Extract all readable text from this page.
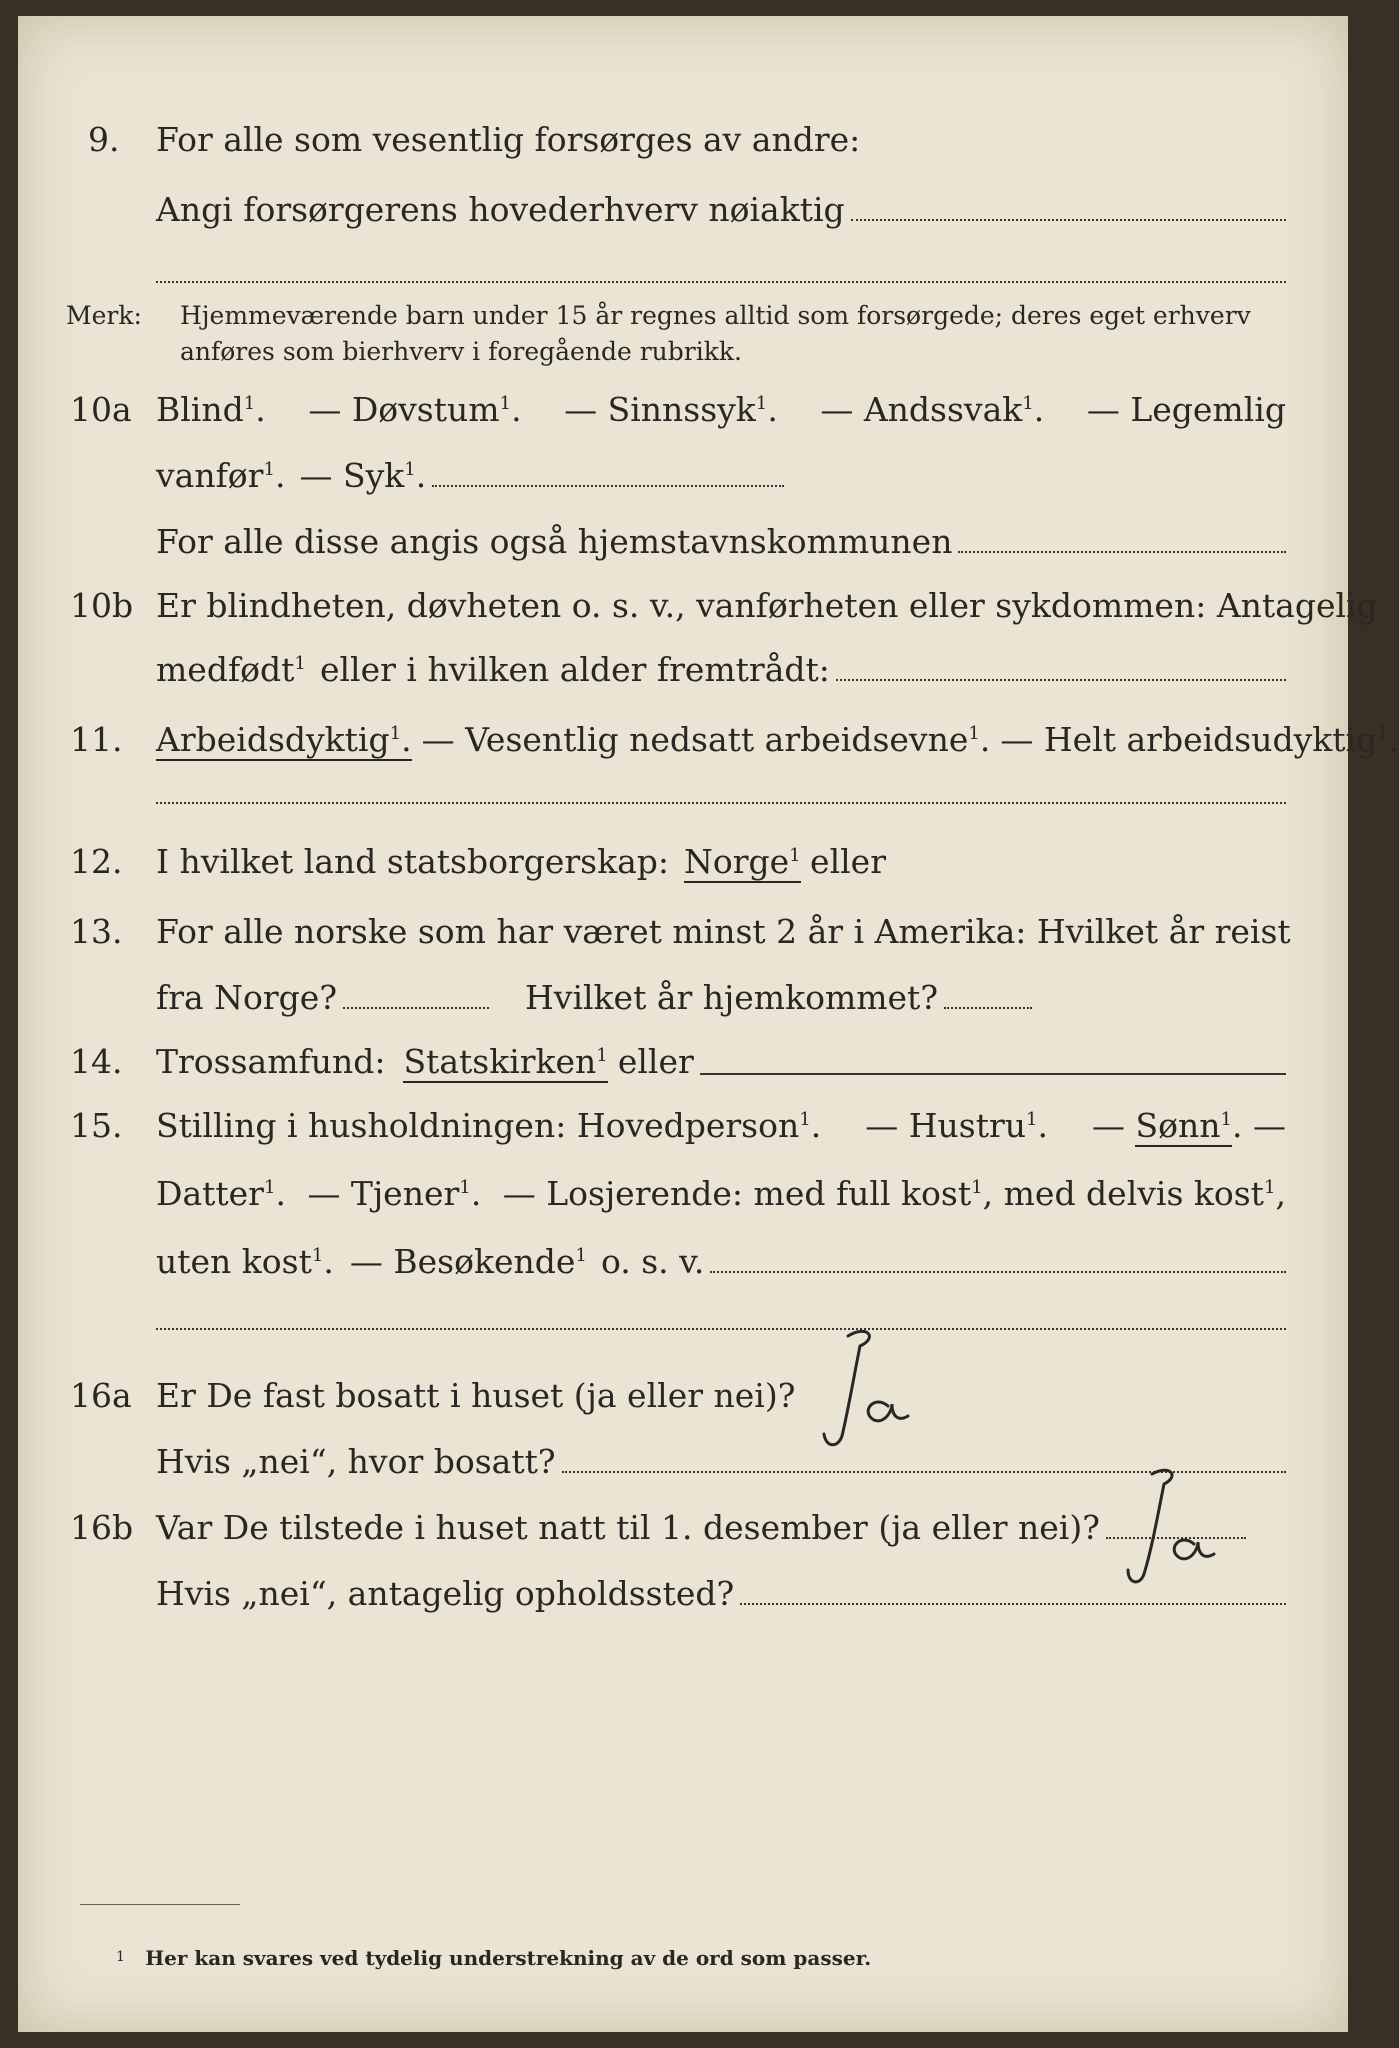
9. For alle som vesentlig forsørges av andre:
Angi forsørgerens hovederhverv nøiaktig
Merk: Hjemmeværende barn under 15 år regnes alltid som forsørgede; deres eget erhverv
anføres som bierhverv i foregående rubrikk.
10a Blind$^1$. — Døvstum$^1$. — Sinnssyk$^1$. — Andssvak$^1$. — Legemlig
vanfør$^1$. — Syk$^1$.
For alle disse angis også hjemstavnskommunen
10b Er blindheten, døvheten o. s. v., vanførheten eller sykdommen: Antagelig
medfødt$^1$ eller i hvilken alder fremtrådt:
11. Arbeidsdyktig$^1$. — Vesentlig nedsatt arbeidsevne$^1$. — Helt arbeidsudyktig$^1$.
12. I hvilket land statsborgerskap: Norge$^1$ eller
13. For alle norske som har været minst 2 år i Amerika: Hvilket år reist
fra Norge?	Hvilket år hjemkommet?
14. Trossamfund: Statskirken$^1$ eller
15. Stilling i husholdningen: Hovedperson$^1$. — Hustru$^1$. — Sønn$^1$. —
Datter$^1$. — Tjener$^1$. — Losjerende: med full kost$^1$, med delvis kost$^1$,
uten kost$^1$. — Besøkende$^1$ o. s. v.
16a Er De fast bosatt i huset (ja eller nei)?
Ja
Hvis „nei“, hvor bosatt?
16b Var De tilstede i huset natt til 1. desember (ja eller nei)?
Ja
Hvis „nei“, antagelig opholdssted?
$^1$ Her kan svares ved tydelig understrekning av de ord som passer.
